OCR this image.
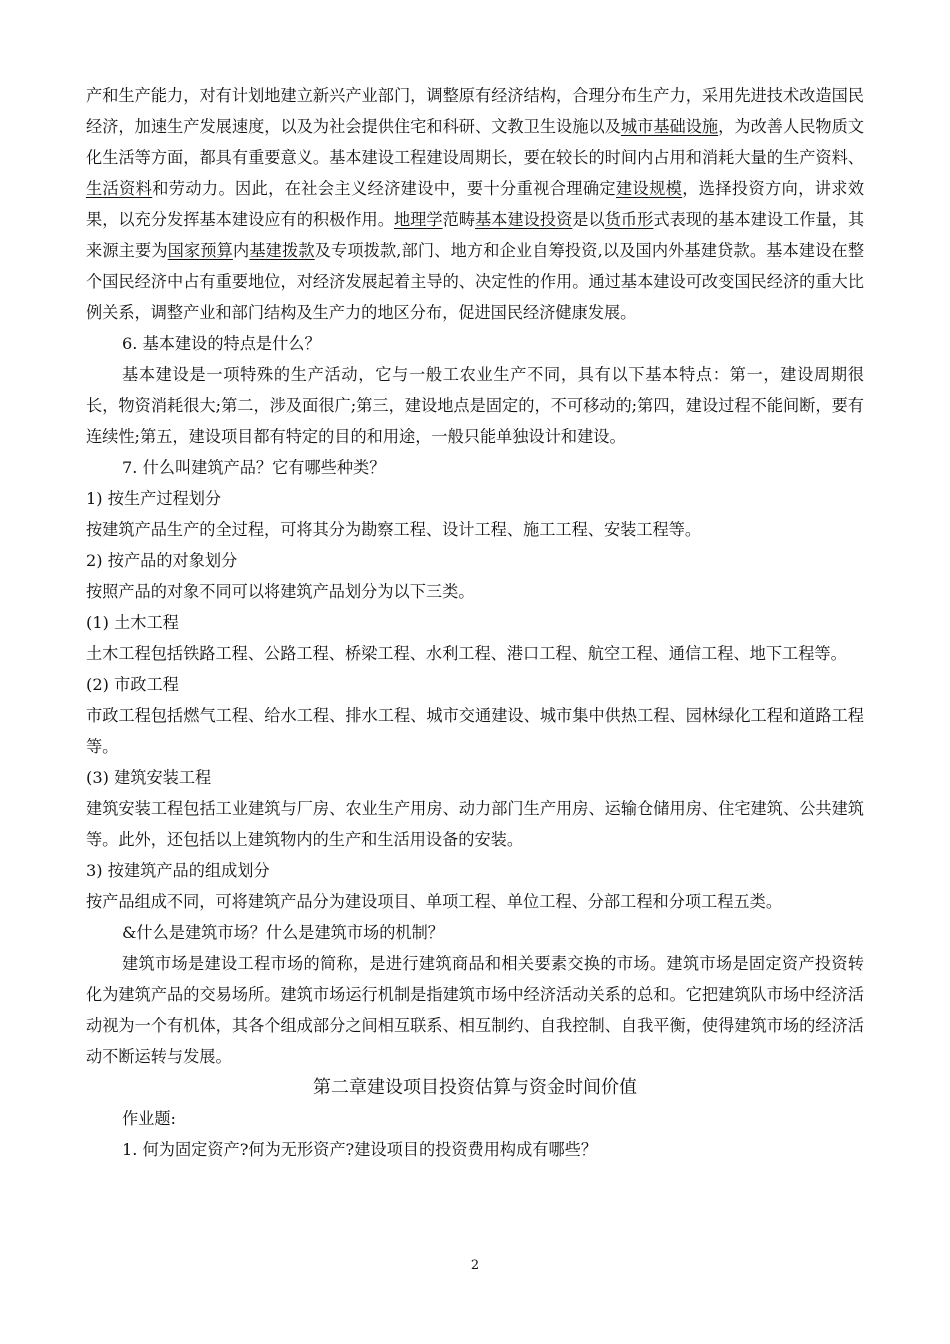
产和生产能力，对有计划地建立新兴产业部门，调整原有经济结构，合理分布生产力，采用先进技术改造国民经济，加速生产发展速度，以及为社会提供住宅和科研、文教卫生设施以及城市基础设施，为改善人民物质文化生活等方面，都具有重要意义。基本建设工程建设周期长，要在较长的时间内占用和消耗大量的生产资料、生活资料和劳动力。因此，在社会主义经济建设中，要十分重视合理确定建设规模，选择投资方向，讲求效果，以充分发挥基本建设应有的积极作用。地理学范畴基本建设投资是以货币形式表现的基本建设工作量，其来源主要为国家预算内基建拨款及专项拨款,部门、地方和企业自筹投资,以及国内外基建贷款。基本建设在整个国民经济中占有重要地位，对经济发展起着主导的、决定性的作用。通过基本建设可改变国民经济的重大比例关系，调整产业和部门结构及生产力的地区分布，促进国民经济健康发展。

6. 基本建设的特点是什么？

基本建设是一项特殊的生产活动，它与一般工农业生产不同，具有以下基本特点：第一，建设周期很长，物资消耗很大;第二，涉及面很广;第三，建设地点是固定的，不可移动的;第四，建设过程不能间断，要有连续性;第五，建设项目都有特定的目的和用途，一般只能单独设计和建设。

7. 什么叫建筑产品？它有哪些种类？

1) 按生产过程划分

按建筑产品生产的全过程，可将其分为勘察工程、设计工程、施工工程、安装工程等。

2) 按产品的对象划分

按照产品的对象不同可以将建筑产品划分为以下三类。

(1) 土木工程

土木工程包括铁路工程、公路工程、桥梁工程、水利工程、港口工程、航空工程、通信工程、地下工程等。

(2) 市政工程

市政工程包括燃气工程、给水工程、排水工程、城市交通建设、城市集中供热工程、园林绿化工程和道路工程等。

(3) 建筑安装工程

建筑安装工程包括工业建筑与厂房、农业生产用房、动力部门生产用房、运输仓储用房、住宅建筑、公共建筑等。此外，还包括以上建筑物内的生产和生活用设备的安装。

3) 按建筑产品的组成划分

按产品组成不同，可将建筑产品分为建设项目、单项工程、单位工程、分部工程和分项工程五类。

&什么是建筑市场？什么是建筑市场的机制？

建筑市场是建设工程市场的简称，是进行建筑商品和相关要素交换的市场。建筑市场是固定资产投资转化为建筑产品的交易场所。建筑市场运行机制是指建筑市场中经济活动关系的总和。它把建筑队市场中经济活动视为一个有机体，其各个组成部分之间相互联系、相互制约、自我控制、自我平衡，使得建筑市场的经济活动不断运转与发展。

第二章建设项目投资估算与资金时间价值

作业题:

1. 何为固定资产?何为无形资产?建设项目的投资费用构成有哪些？

2
